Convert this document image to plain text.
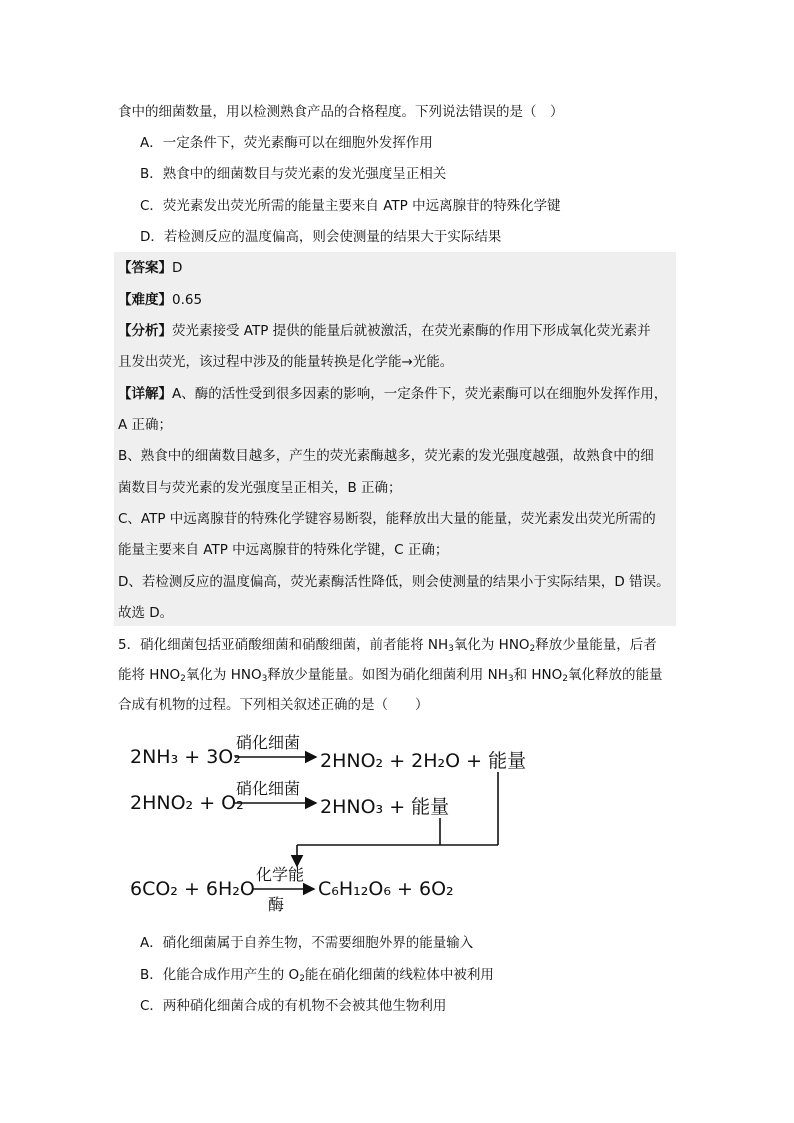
食中的细菌数量，用以检测熟食产品的合格程度。下列说法错误的是（　）
A．一定条件下，荧光素酶可以在细胞外发挥作用
B．熟食中的细菌数目与荧光素的发光强度呈正相关
C．荧光素发出荧光所需的能量主要来自 ATP 中远离腺苷的特殊化学键
D．若检测反应的温度偏高，则会使测量的结果大于实际结果
【答案】D
【难度】0.65
【分析】荧光素接受 ATP 提供的能量后就被激活，在荧光素酶的作用下形成氧化荧光素并
且发出荧光，该过程中涉及的能量转换是化学能→光能。
【详解】A、酶的活性受到很多因素的影响，一定条件下，荧光素酶可以在细胞外发挥作用，
A 正确；
B、熟食中的细菌数目越多，产生的荧光素酶越多，荧光素的发光强度越强，故熟食中的细
菌数目与荧光素的发光强度呈正相关，B 正确；
C、ATP 中远离腺苷的特殊化学键容易断裂，能释放出大量的能量，荧光素发出荧光所需的
能量主要来自 ATP 中远离腺苷的特殊化学键，C 正确；
D、若检测反应的温度偏高，荧光素酶活性降低，则会使测量的结果小于实际结果，D 错误。
故选 D。
5．硝化细菌包括亚硝酸细菌和硝酸细菌，前者能将 $NH_3$氧化为 $HNO_2$释放少量能量，后者
能将 $HNO_2$氧化为 $HNO_3$释放少量能量。如图为硝化细菌利用 $NH_3$和 $HNO_2$氧化释放的能量
合成有机物的过程。下列相关叙述正确的是（　　）
2NH₃ + 3O₂
硝化细菌
2HNO₂ + 2H₂O + 能量
2HNO₂ + O₂
硝化细菌
2HNO₃ + 能量
6CO₂ + 6H₂O
化学能
酶
C₆H₁₂O₆ + 6O₂
A．硝化细菌属于自养生物，不需要细胞外界的能量输入
B．化能合成作用产生的 $O_2$能在硝化细菌的线粒体中被利用
C．两种硝化细菌合成的有机物不会被其他生物利用
